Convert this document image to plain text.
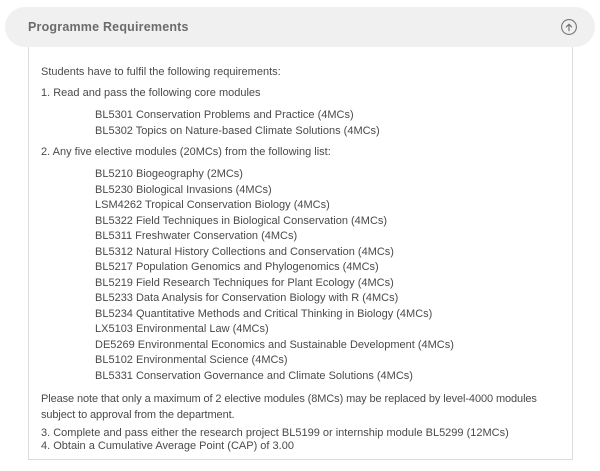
Programme Requirements

Students have to fulfil the following requirements:

1. Read and pass the following core modules

BL5301 Conservation Problems and Practice (4MCs)
BL5302 Topics on Nature-based Climate Solutions (4MCs)

2. Any five elective modules (20MCs) from the following list:

BL5210 Biogeography (2MCs)
BL5230 Biological Invasions (4MCs)
LSM4262 Tropical Conservation Biology (4MCs)
BL5322 Field Techniques in Biological Conservation (4MCs)
BL5311 Freshwater Conservation (4MCs)
BL5312 Natural History Collections and Conservation (4MCs)
BL5217 Population Genomics and Phylogenomics (4MCs)
BL5219 Field Research Techniques for Plant Ecology (4MCs)
BL5233 Data Analysis for Conservation Biology with R (4MCs)
BL5234 Quantitative Methods and Critical Thinking in Biology (4MCs)
LX5103 Environmental Law (4MCs)
DE5269 Environmental Economics and Sustainable Development (4MCs)
BL5102 Environmental Science (4MCs)
BL5331 Conservation Governance and Climate Solutions (4MCs)

Please note that only a maximum of 2 elective modules (8MCs) may be replaced by level-4000 modules subject to approval from the department.

3. Complete and pass either the research project BL5199 or internship module BL5299 (12MCs)
4. Obtain a Cumulative Average Point (CAP) of 3.00
